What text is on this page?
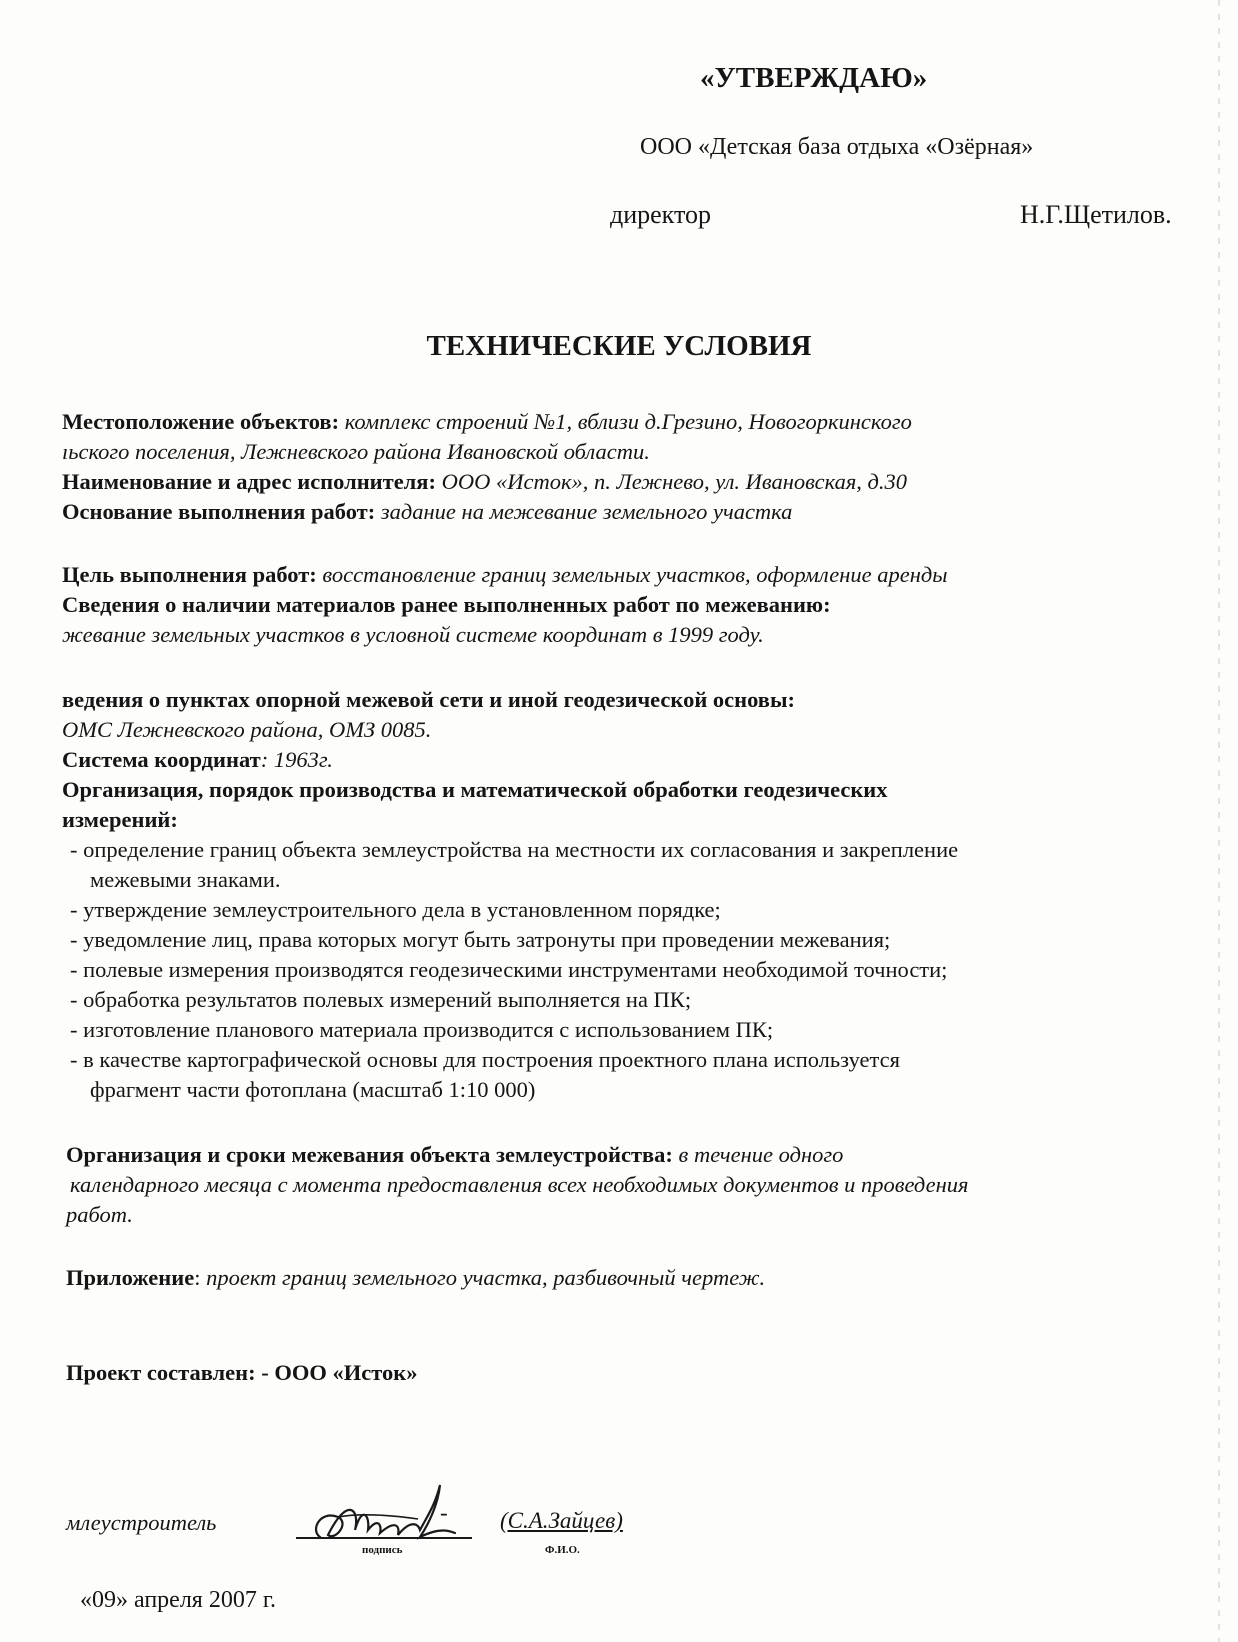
«УТВЕРЖДАЮ»
ООО «Детская база отдыха «Озёрная»
директор	Н.Г.Щетилов.
ТЕХНИЧЕСКИЕ УСЛОВИЯ
Местоположение объектов: комплекс строений №1, вблизи д.Грезино, Новогоркинского
ıьского поселения, Лежневского района Ивановской области.
Наименование и адрес исполнителя: ООО «Исток», п. Лежнево, ул. Ивановская, д.30
Основание выполнения работ: задание на межевание земельного участка
Цель выполнения работ: восстановление границ земельных участков, оформление аренды
Сведения о наличии материалов ранее выполненных работ по межеванию:
жевание земельных участков в условной системе координат в 1999 году.
ведения о пунктах опорной межевой сети и иной геодезической основы:
ОМС Лежневского района, ОМЗ 0085.
Система координат: 1963г.
Организация, порядок производства и математической обработки геодезических
измерений:
- определение границ объекта землеустройства на местности их согласования и закрепление
межевыми знаками.
- утверждение землеустроительного дела в установленном порядке;
- уведомление лиц, права которых могут быть затронуты при проведении межевания;
- полевые измерения производятся геодезическими инструментами необходимой точности;
- обработка результатов полевых измерений выполняется на ПК;
- изготовление планового материала производится с использованием ПК;
- в качестве картографической основы для построения проектного плана используется
фрагмент части фотоплана (масштаб 1:10 000)
Организация и сроки межевания объекта землеустройства: в течение одного
календарного месяца с момента предоставления всех необходимых документов и проведения
работ.
Приложение: проект границ земельного участка, разбивочный чертеж.
Проект составлен: - ООО «Исток»
млеустроитель	- (С.А.Зайцев)
подпись	Ф.И.О.
«09» апреля 2007 г.
